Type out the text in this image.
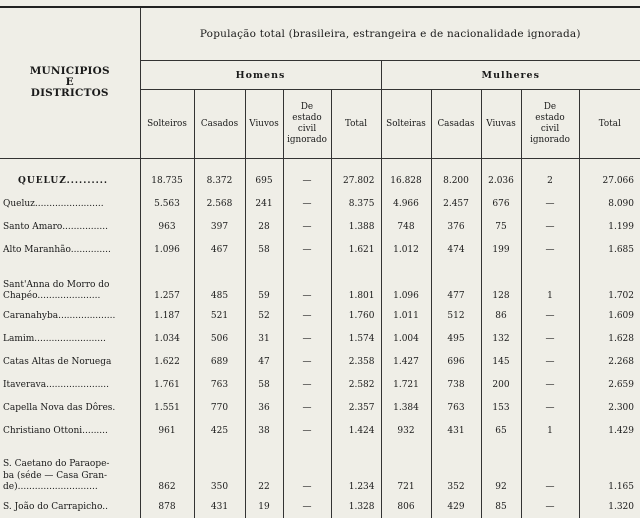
MUNICIPIOS
E
DISTRICTOS	População total (brasileira, estrangeira e de nacionalidade ignorada)									
	Homens					Mulheres				
	Solteiros	Casados	Viuvos	De
estado
civil
ignorado	Total	Solteiras	Casadas	Viuvas	De
estado
civil
ignorado	Total

QUELUZ..........	18.735	8.372	695	—	27.802	16.828	8.200	2.036	2	27.066
Queluz........................	5.563	2.568	241	—	8.375	4.966	2.457	676	—	8.090
Santo Amaro................	963	397	28	—	1.388	748	376	75	—	1.199
Alto Maranhão..............	1.096	467	58	—	1.621	1.012	474	199	—	1.685

Sant'Anna do Morro do
Chapéo......................	1.257	485	59	—	1.801	1.096	477	128	1	1.702
Caranahyba....................	1.187	521	52	—	1.760	1.011	512	86	—	1.609
Lamim.........................	1.034	506	31	—	1.574	1.004	495	132	—	1.628
Catas Altas de Noruega	1.622	689	47	—	2.358	1.427	696	145	—	2.268
Itaverava......................	1.761	763	58	—	2.582	1.721	738	200	—	2.659
Capella Nova das Dôres.	1.551	770	36	—	2.357	1.384	763	153	—	2.300
Christiano Ottoni.........	961	425	38	—	1.424	932	431	65	1	1.429

S. Caetano do Paraope-
ba (séde — Casa Gran-
de)............................	862	350	22	—	1.234	721	352	92	—	1.165
S. João do Carrapicho..	878	431	19	—	1.328	806	429	85	—	1.320
